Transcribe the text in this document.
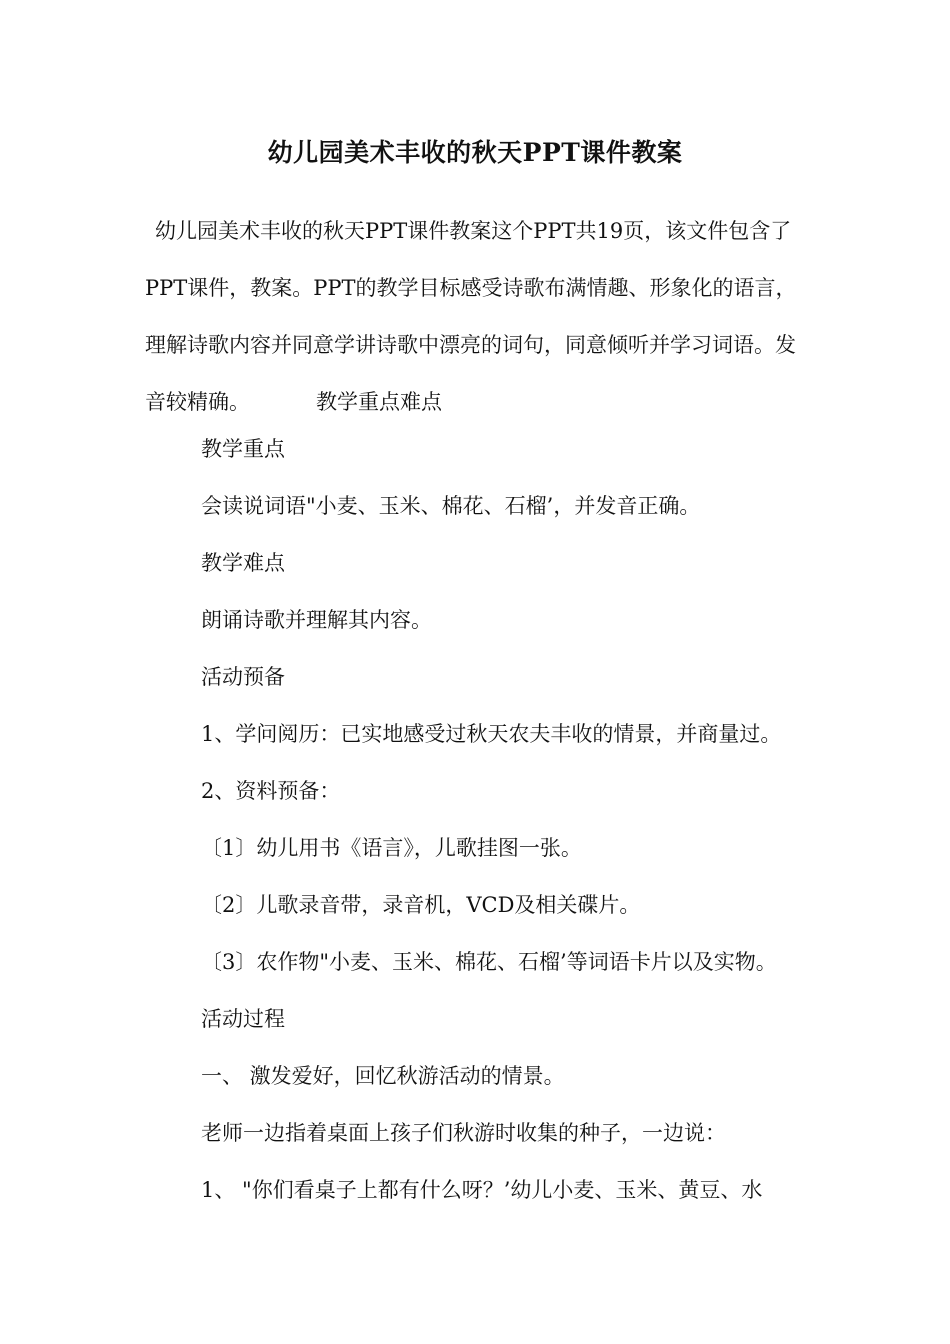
幼儿园美术丰收的秋天PPT课件教案
幼儿园美术丰收的秋天PPT课件教案这个PPT共19页，该文件包含了PPT课件，教案。PPT的教学目标感受诗歌布满情趣、形象化的语言，理解诗歌内容并同意学讲诗歌中漂亮的词句，同意倾听并学习词语。发音较精确。	教学重点难点
教学重点
会读说词语"小麦、玉米、棉花、石榴’，并发音正确。
教学难点
朗诵诗歌并理解其内容。
活动预备
1、学问阅历：已实地感受过秋天农夫丰收的情景，并商量过。
2、资料预备：
〔1〕幼儿用书《语言》，儿歌挂图一张。
〔2〕儿歌录音带，录音机，VCD及相关碟片。
〔3〕农作物"小麦、玉米、棉花、石榴’等词语卡片以及实物。
活动过程
一、 激发爱好，回忆秋游活动的情景。
老师一边指着桌面上孩子们秋游时收集的种子，一边说：
1、 "你们看桌子上都有什么呀？’幼儿小麦、玉米、黄豆、水
